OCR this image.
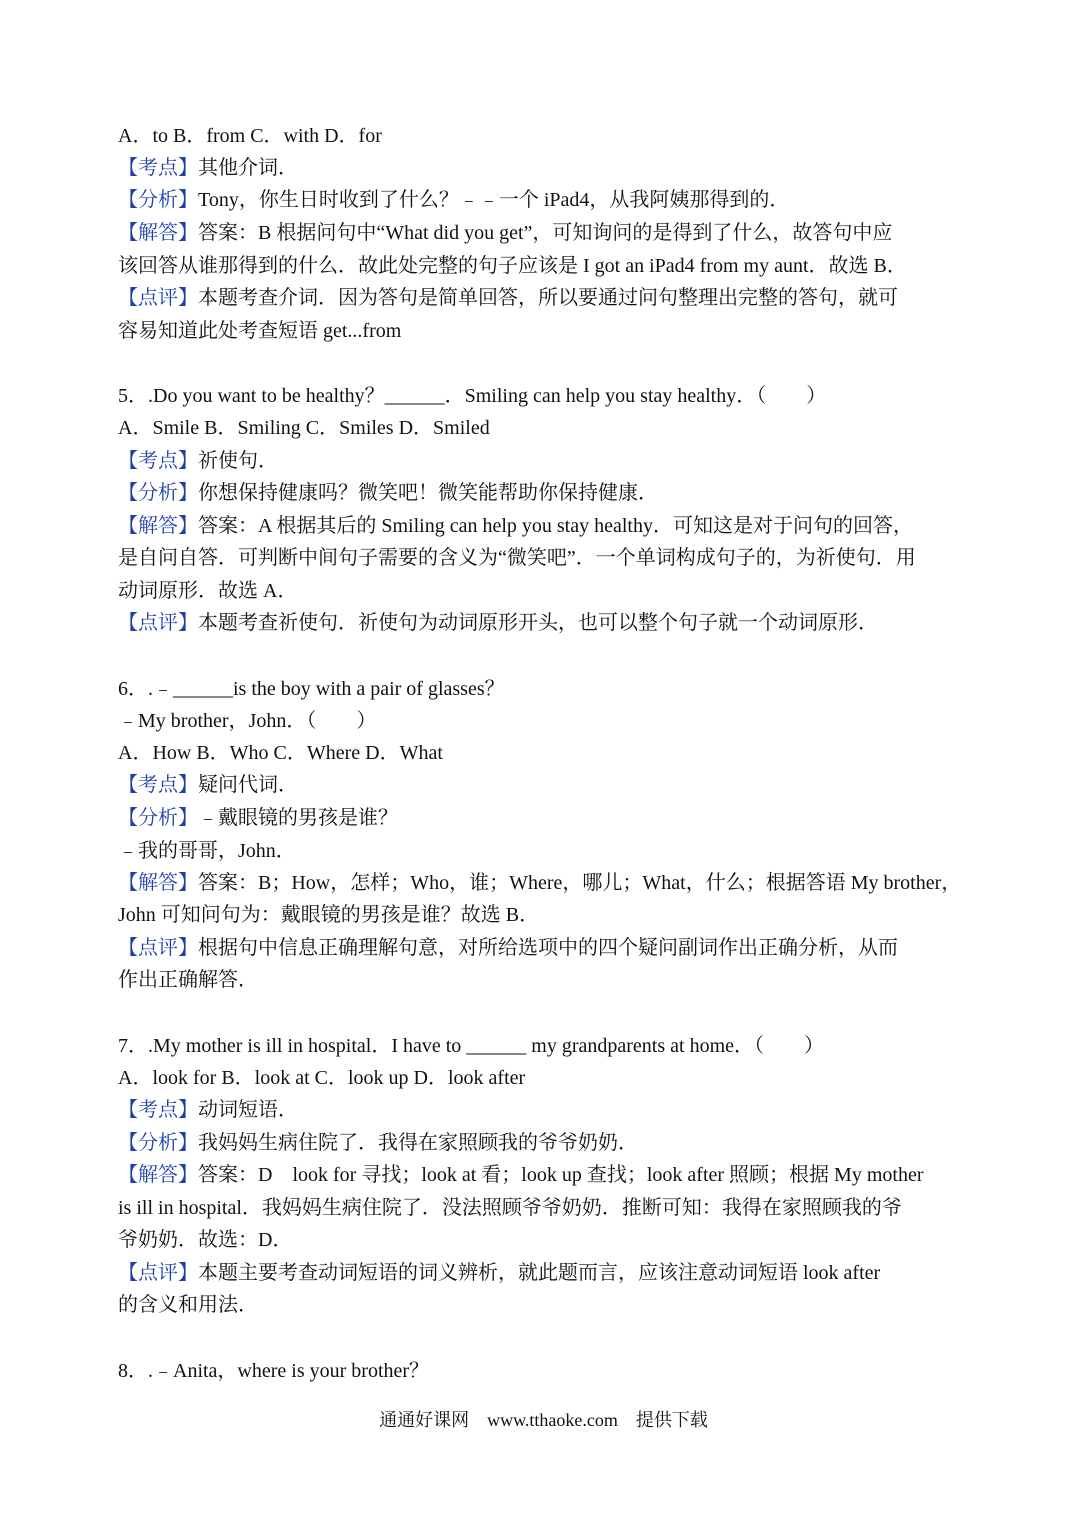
A．to B．from C．with D．for
【考点】其他介词．
【分析】Tony，你生日时收到了什么？﹣﹣一个 iPad4，从我阿姨那得到的．
【解答】答案：B 根据问句中“What did you get”，可知询问的是得到了什么，故答句中应
该回答从谁那得到的什么．故此处完整的句子应该是 I got an iPad4 from my aunt．故选 B．
【点评】本题考查介词．因为答句是简单回答，所以要通过问句整理出完整的答句，就可
容易知道此处考查短语 get...from
5．.Do you want to be healthy？______．Smiling can help you stay healthy．（　　）
A．Smile B．Smiling C．Smiles D．Smiled
【考点】祈使句．
【分析】你想保持健康吗？微笑吧！微笑能帮助你保持健康．
【解答】答案：A 根据其后的 Smiling can help you stay healthy．可知这是对于问句的回答，
是自问自答．可判断中间句子需要的含义为“微笑吧”．一个单词构成句子的，为祈使句．用
动词原形．故选 A．
【点评】本题考查祈使句．祈使句为动词原形开头，也可以整个句子就一个动词原形．
6．.﹣______is the boy with a pair of glasses？
﹣My brother，John．（　　）
A．How B．Who C．Where D．What
【考点】疑问代词．
【分析】﹣戴眼镜的男孩是谁？
﹣我的哥哥，John．
【解答】答案：B；How，怎样；Who，谁；Where，哪儿；What，什么；根据答语 My brother，
John 可知问句为：戴眼镜的男孩是谁？故选 B．
【点评】根据句中信息正确理解句意，对所给选项中的四个疑问副词作出正确分析，从而
作出正确解答．
7．.My mother is ill in hospital．I have to ______ my grandparents at home．（　　）
A．look for B．look at C．look up D．look after
【考点】动词短语．
【分析】我妈妈生病住院了．我得在家照顾我的爷爷奶奶．
【解答】答案：D　look for 寻找；look at 看；look up 查找；look after 照顾；根据 My mother
is ill in hospital．我妈妈生病住院了．没法照顾爷爷奶奶．推断可知：我得在家照顾我的爷
爷奶奶．故选：D．
【点评】本题主要考查动词短语的词义辨析，就此题而言，应该注意动词短语 look after
的含义和用法．
8．.﹣Anita，where is your brother？
通通好课网　www.tthaoke.com　提供下载
